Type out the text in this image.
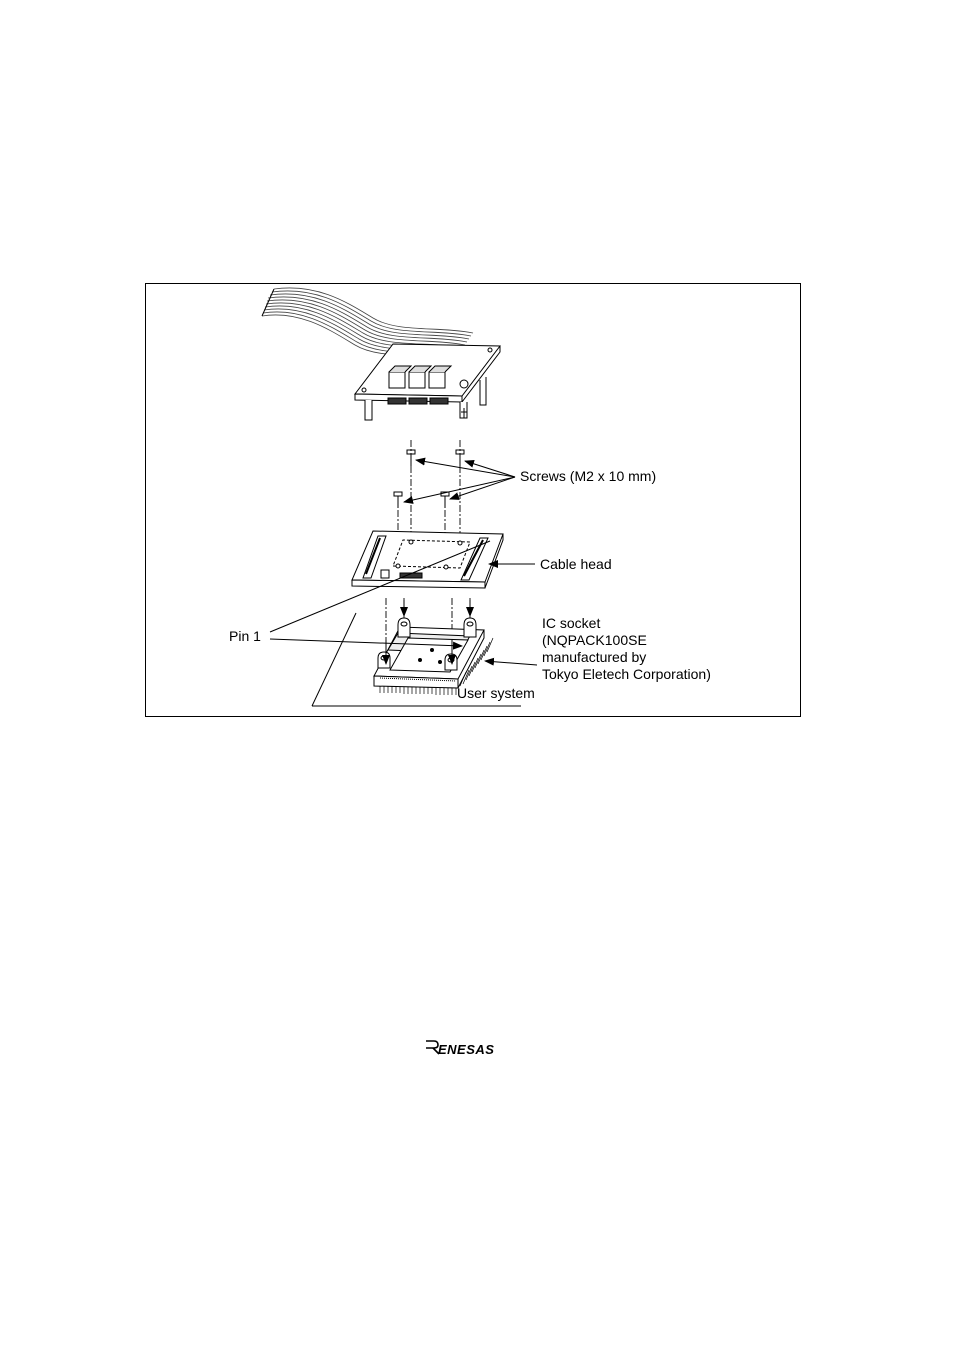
Screws (M2 x 10 mm)
Cable head
Pin 1
IC socket
(NQPACK100SE
manufactured by
Tokyo Eletech Corporation)
User system
ENESAS
